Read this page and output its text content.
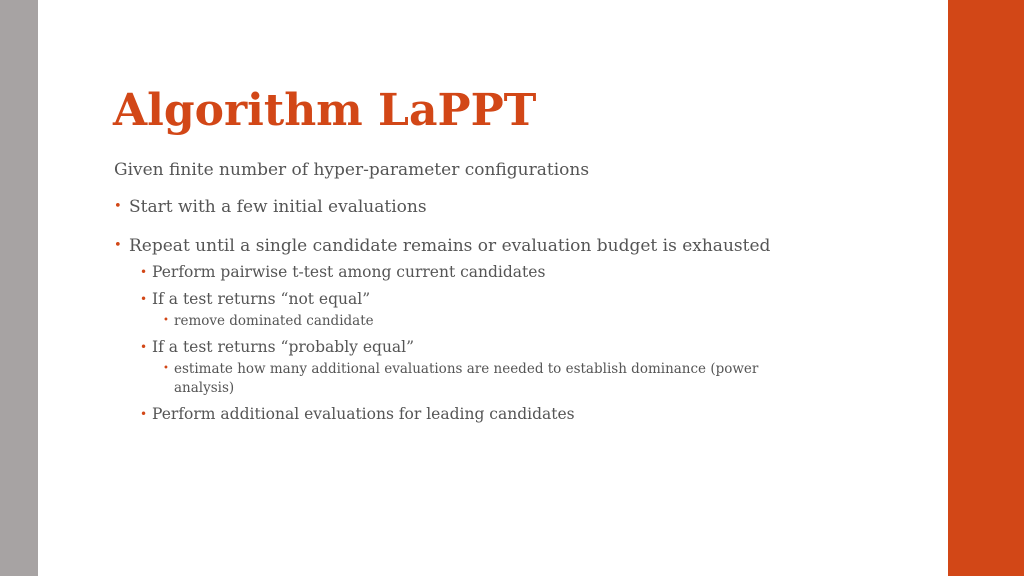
Algorithm LaPPT

Given finite number of hyper-parameter configurations

• Start with a few initial evaluations
• Repeat until a single candidate remains or evaluation budget is exhausted
• Perform pairwise t-test among current candidates
• If a test returns “not equal”
• remove dominated candidate
• If a test returns “probably equal”
• estimate how many additional evaluations are needed to establish dominance (power analysis)
• Perform additional evaluations for leading candidates
